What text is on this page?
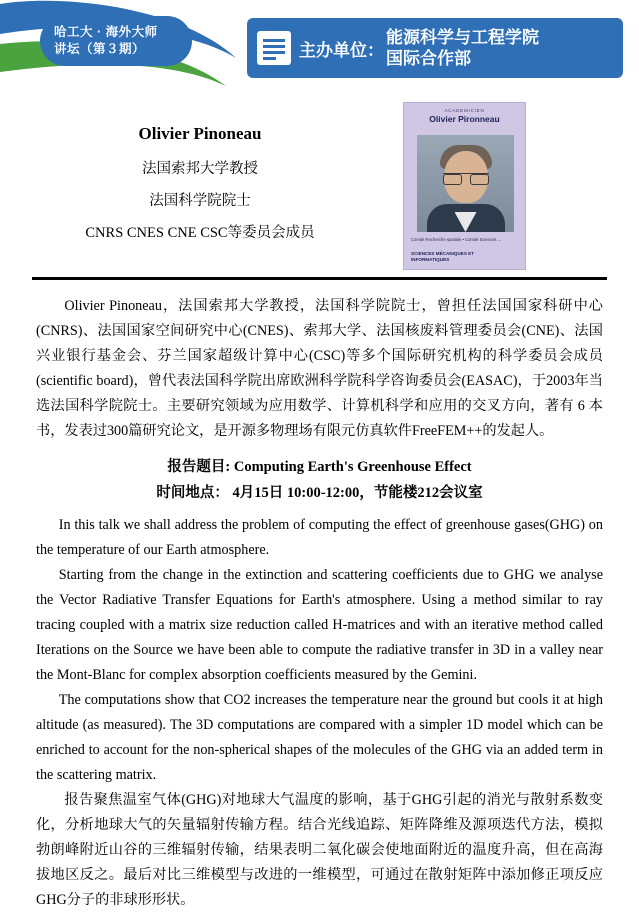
哈工大 · 海外大师
讲坛（第３期）	主办单位：
能源科学与工程学院
国际合作部
Olivier Pinoneau
法国索邦大学教授
法国科学院院士
CNRS CNES CNE CSC等委员会成员
ACADEMICIEN
Olivier Pironneau
Comité Recherche spatiale • Comité Sciences ...
SCIENCES MÉCANIQUES ET
INFORMATIQUES

Olivier Pinoneau，法国索邦大学教授，法国科学院院士，曾担任法国国家科研中心(CNRS)、法国国家空间研究中心(CNES)、索邦大学、法国核废料管理委员会(CNE)、法国兴业银行基金会、芬兰国家超级计算中心(CSC)等多个国际研究机构的科学委员会成员(scientific board)，曾代表法国科学院出席欧洲科学院科学咨询委员会(EASAC)，于2003年当选法国科学院院士。主要研究领域为应用数学、计算机科学和应用的交叉方向，著有 6 本书，发表过300篇研究论文，是开源多物理场有限元仿真软件FreeFEM++的发起人。

报告题目: Computing Earth's Greenhouse Effect
时间地点： 4月15日 10:00-12:00，节能楼212会议室

In this talk we shall address the problem of computing the effect of greenhouse gases(GHG) on the temperature of our Earth atmosphere.

Starting from the change in the extinction and scattering coefficients due to GHG we analyse the Vector Radiative Transfer Equations for Earth's atmosphere. Using a method similar to ray tracing coupled with a matrix size reduction called H-matrices and with an iterative method called Iterations on the Source we have been able to compute the radiative transfer in 3D in a valley near the Mont-Blanc for complex absorption coefficients measured by the Gemini.

The computations show that CO2 increases the temperature near the ground but cools it at high altitude (as measured). The 3D computations are compared with a simpler 1D model which can be enriched to account for the non-spherical shapes of the molecules of the GHG via an added term in the scattering matrix.

报告聚焦温室气体(GHG)对地球大气温度的影响，基于GHG引起的消光与散射系数变化，分析地球大气的矢量辐射传输方程。结合光线追踪、矩阵降维及源项迭代方法，模拟勃朗峰附近山谷的三维辐射传输，结果表明二氧化碳会使地面附近的温度升高，但在高海拔地区反之。最后对比三维模型与改进的一维模型，可通过在散射矩阵中添加修正项反应GHG分子的非球形形状。
